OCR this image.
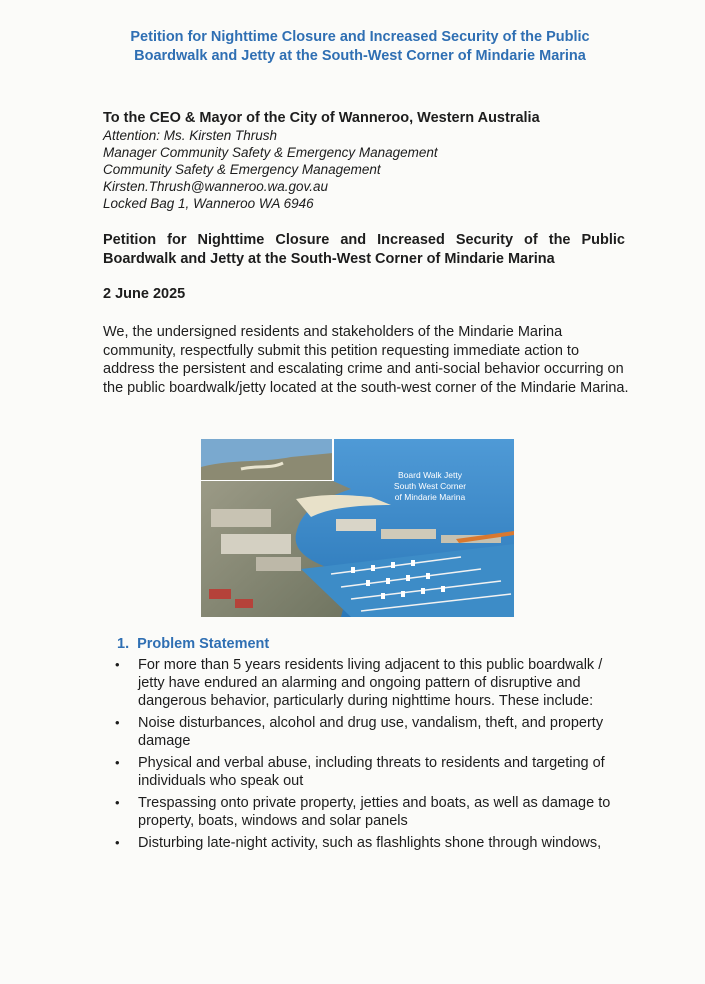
Petition for Nighttime Closure and Increased Security of the Public
Boardwalk and Jetty at the South-West Corner of Mindarie Marina
To the CEO & Mayor of the City of Wanneroo, Western Australia
Attention: Ms. Kirsten Thrush
Manager Community Safety & Emergency Management
Community Safety & Emergency Management
Kirsten.Thrush@wanneroo.wa.gov.au
Locked Bag 1, Wanneroo WA 6946
Petition for Nighttime Closure and Increased Security of the Public Boardwalk and Jetty at the South-West Corner of Mindarie Marina
2 June 2025
We, the undersigned residents and stakeholders of the Mindarie Marina community, respectfully submit this petition requesting immediate action to address the persistent and escalating crime and anti-social behavior occurring on the public boardwalk/jetty located at the south-west corner of the Mindarie Marina.
Board Walk Jetty
South West Corner
of Mindarie Marina
1. Problem Statement
• For more than 5 years residents living adjacent to this public boardwalk / jetty have endured an alarming and ongoing pattern of disruptive and dangerous behavior, particularly during nighttime hours. These include:
• Noise disturbances, alcohol and drug use, vandalism, theft, and property damage
• Physical and verbal abuse, including threats to residents and targeting of individuals who speak out
• Trespassing onto private property, jetties and boats, as well as damage to property, boats, windows and solar panels
• Disturbing late-night activity, such as flashlights shone through windows,
